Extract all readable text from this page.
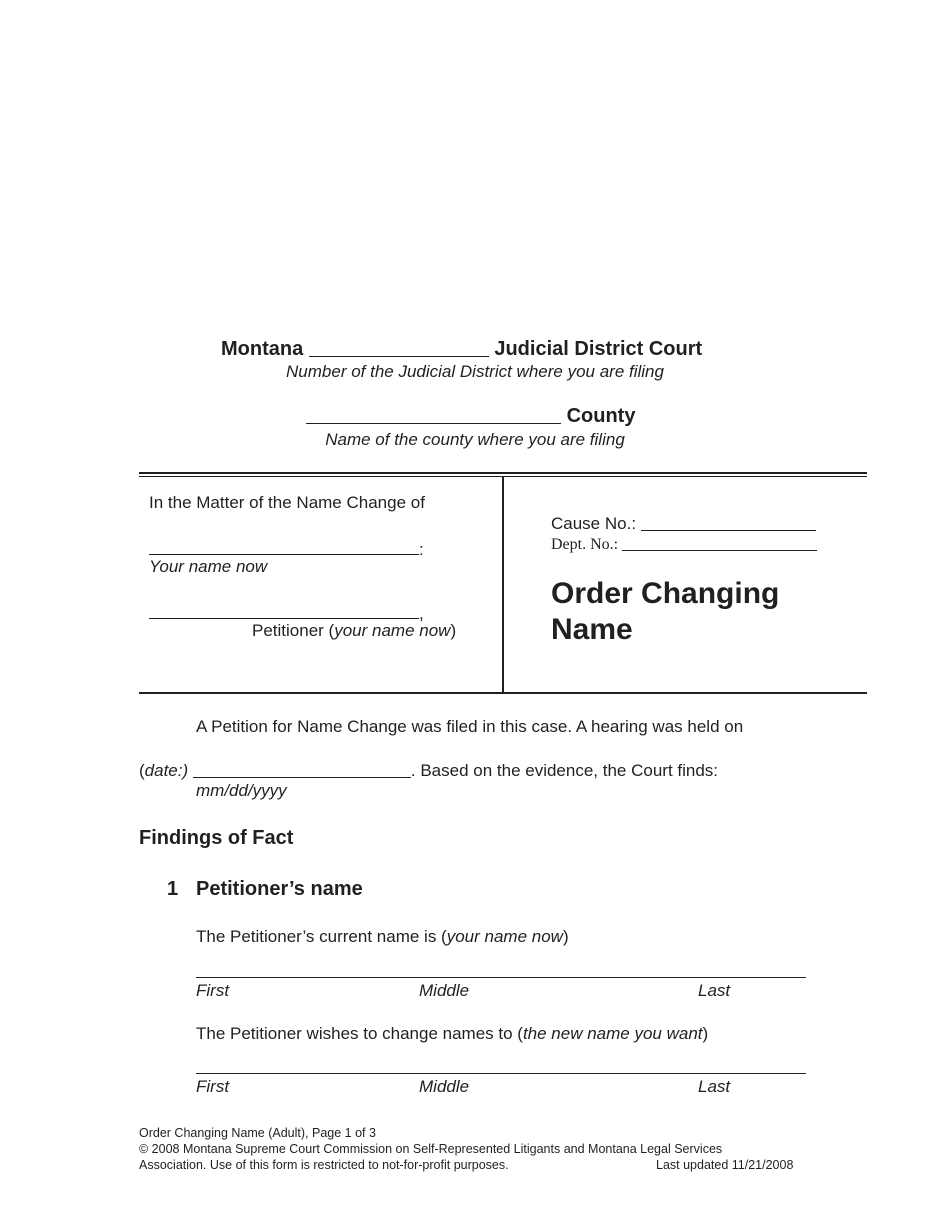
Montana	Judicial District Court
Number of the Judicial District where you are filing
County
Name of the county where you are filing
In the Matter of the Name Change of
:
Your name now
,
Petitioner (your name now)
Cause No.:
Dept. No.:
Order Changing
Name
A Petition for Name Change was filed in this case. A hearing was held on
(date:)	. Based on the evidence, the Court finds:
mm/dd/yyyy
Findings of Fact
1 Petitioner’s name
The Petitioner’s current name is (your name now)
First	Middle	Last
The Petitioner wishes to change names to (the new name you want)
First	Middle	Last
Order Changing Name (Adult), Page 1 of 3
© 2008 Montana Supreme Court Commission on Self-Represented Litigants and Montana Legal Services
Association. Use of this form is restricted to not-for-profit purposes.	Last updated 11/21/2008
